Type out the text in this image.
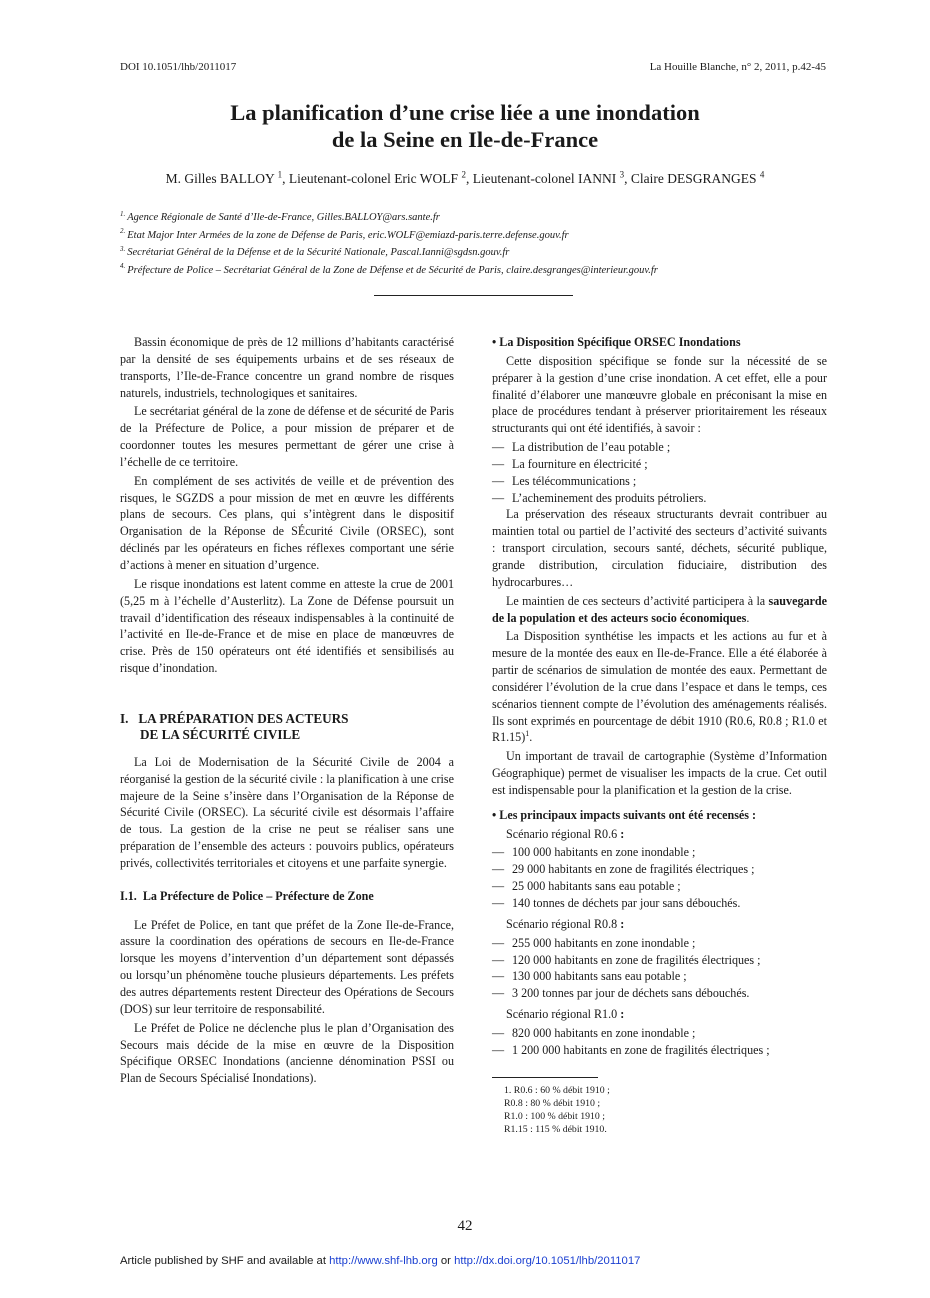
DOI 10.1051/lhb/2011017	La Houille Blanche, n° 2, 2011, p.42-45
La planification d’une crise liée a une inondation
de la Seine en Ile-de-France
M. Gilles BALLOY $^1$, Lieutenant-colonel Eric WOLF $^2$, Lieutenant-colonel IANNI $^3$, Claire DESGRANGES $^4$
$^{1.}$ Agence Régionale de Santé d’Ile-de-France, Gilles.BALLOY@ars.sante.fr
$^{2.}$ Etat Major Inter Armées de la zone de Défense de Paris, eric.WOLF@emiazd-paris.terre.defense.gouv.fr
$^{3.}$ Secrétariat Général de la Défense et de la Sécurité Nationale, Pascal.Ianni@sgdsn.gouv.fr
$^{4.}$ Préfecture de Police – Secrétariat Général de la Zone de Défense et de Sécurité de Paris, claire.desgranges@interieur.gouv.fr

Bassin économique de près de 12 millions d’habitants caractérisé par la densité de ses équipements urbains et de ses réseaux de transports, l’Ile-de-France concentre un grand nombre de risques naturels, industriels, technologiques et sanitaires.

Le secrétariat général de la zone de défense et de sécurité de Paris de la Préfecture de Police, a pour mission de préparer et de coordonner toutes les mesures permettant de gérer une crise à l’échelle de ce territoire.

En complément de ses activités de veille et de prévention des risques, le SGZDS a pour mission de met en œuvre les différents plans de secours. Ces plans, qui s’intègrent dans le dispositif Organisation de la Réponse de SÉcurité Civile (ORSEC), sont déclinés par les opérateurs en fiches réflexes comportant une série d’actions à mener en situation d’urgence.

Le risque inondations est latent comme en atteste la crue de 2001 (5,25 m à l’échelle d’Austerlitz). La Zone de Défense poursuit un travail d’identification des réseaux indispensables à la continuité de l’activité en Ile-de-France et de mise en place de manœuvres de crise. Près de 150 opérateurs ont été identifiés et sensibilisés au risque d’inondation.

I.   LA PRÉPARATION DES ACTEURS
DE LA SÉCURITÉ CIVILE

La Loi de Modernisation de la Sécurité Civile de 2004 a réorganisé la gestion de la sécurité civile : la planification à une crise majeure de la Seine s’insère dans l’Organisation de la Réponse de Sécurité Civile (ORSEC). La sécurité civile est désormais l’affaire de tous. La gestion de la crise ne peut se réaliser sans une préparation de l’ensemble des acteurs : pouvoirs publics, opérateurs privés, collectivités territoriales et citoyens et une parfaite synergie.

I.1.  La Préfecture de Police – Préfecture de Zone

Le Préfet de Police, en tant que préfet de la Zone Ile-de-France, assure la coordination des opérations de secours en Ile-de-France lorsque les moyens d’intervention d’un département sont dépassés ou lorsqu’un phénomène touche plusieurs départements. Les préfets des autres départements restent Directeur des Opérations de Secours (DOS) sur leur territoire de responsabilité.

Le Préfet de Police ne déclenche plus le plan d’Organisation des Secours mais décide de la mise en œuvre de la Disposition Spécifique ORSEC Inondations (ancienne dénomination PSSI ou Plan de Secours Spécialisé Inondations).

• La Disposition Spécifique ORSEC Inondations

Cette disposition spécifique se fonde sur la nécessité de se préparer à la gestion d’une crise inondation. A cet effet, elle a pour finalité d’élaborer une manœuvre globale en préconisant la mise en place de procédures tendant à préserver prioritairement les réseaux structurants qui ont été identifiés, à savoir :

— La distribution de l’eau potable ;
— La fourniture en électricité ;
— Les télécommunications ;
— L’acheminement des produits pétroliers.

La préservation des réseaux structurants devrait contribuer au maintien total ou partiel de l’activité des secteurs d’activité suivants : transport circulation, secours santé, déchets, sécurité publique, grande distribution, circulation fiduciaire, distribution des hydrocarbures…

Le maintien de ces secteurs d’activité participera à la sauvegarde de la population et des acteurs socio économiques.

La Disposition synthétise les impacts et les actions au fur et à mesure de la montée des eaux en Ile-de-France. Elle a été élaborée à partir de scénarios de simulation de montée des eaux. Permettant de considérer l’évolution de la crue dans l’espace et dans le temps, ces scénarios tiennent compte de l’évolution des aménagements réalisés. Ils sont exprimés en pourcentage de débit 1910 (R0.6, R0.8 ; R1.0 et R1.15)$^1$.

Un important de travail de cartographie (Système d’Information Géographique) permet de visualiser les impacts de la crue. Cet outil est indispensable pour la planification et la gestion de la crise.

• Les principaux impacts suivants ont été recensés :

Scénario régional R0.6 :

— 100 000 habitants en zone inondable ;
— 29 000 habitants en zone de fragilités électriques ;
— 25 000 habitants sans eau potable ;
— 140 tonnes de déchets par jour sans débouchés.

Scénario régional R0.8 :

— 255 000 habitants en zone inondable ;
— 120 000 habitants en zone de fragilités électriques ;
— 130 000 habitants sans eau potable ;
— 3 200 tonnes par jour de déchets sans débouchés.

Scénario régional R1.0 :

— 820 000 habitants en zone inondable ;
— 1 200 000 habitants en zone de fragilités électriques ;
1. R0.6 : 60 % débit 1910 ;
R0.8 : 80 % débit 1910 ;
R1.0 : 100 % débit 1910 ;
R1.15 : 115 % débit 1910.
42
Article published by SHF and available at http://www.shf-lhb.org or http://dx.doi.org/10.1051/lhb/2011017
